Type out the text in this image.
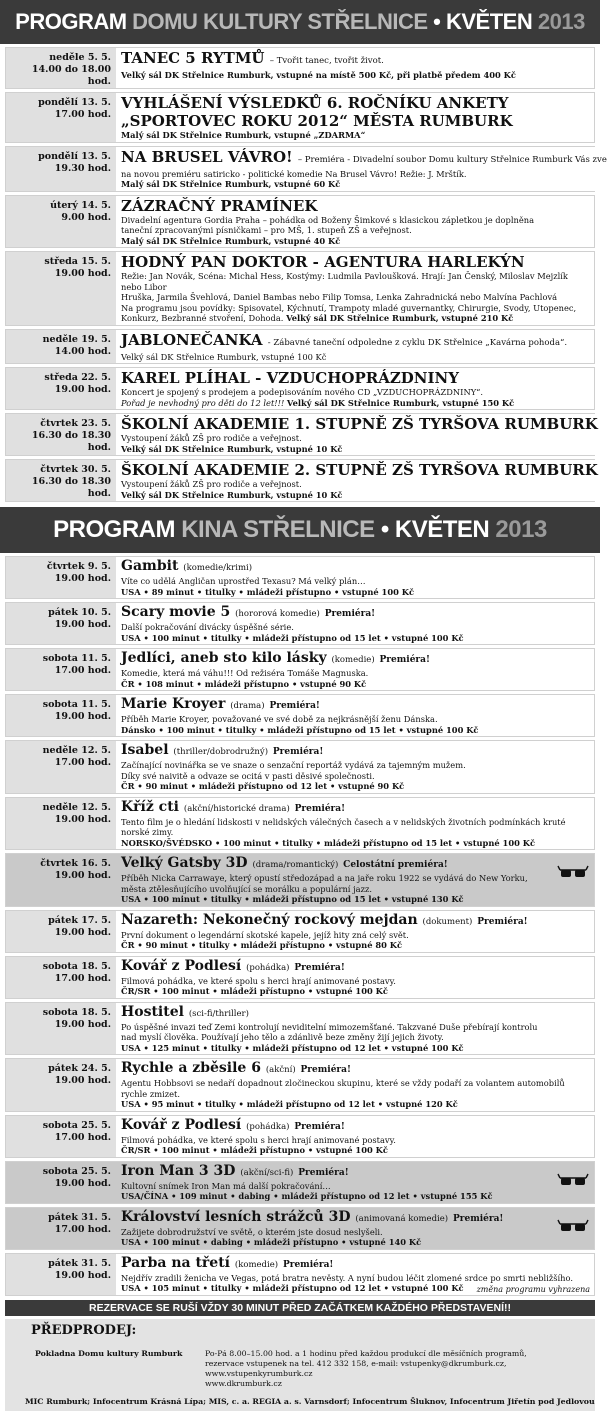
PROGRAM DOMU KULTURY STŘELNICE • KVĚTEN 2013
neděle 5. 5.
14.00 do 18.00 hod.
TANEC 5 RYTMŮ – Tvořit tanec, tvořit život.
Velký sál DK Střelnice Rumburk, vstupné na místě 500 Kč, při platbě předem 400 Kč
pondělí 13. 5.
17.00 hod.
VYHLÁŠENÍ VÝSLEDKŮ 6. ROČNÍKU ANKETY
„SPORTOVEC ROKU 2012“ MĚSTA RUMBURK
Malý sál DK Střelnice Rumburk, vstupné „ZDARMA“
pondělí 13. 5.
19.30 hod.
NA BRUSEL VÁVRO! – Premiéra - Divadelní soubor Domu kultury Střelnice Rumburk Vás zve
na novou premiéru satiricko - politické komedie Na Brusel Vávro! Režie: J. Mrštík.
Malý sál DK Střelnice Rumburk, vstupné 60 Kč
úterý 14. 5.
9.00 hod.
ZÁZRAČNÝ PRAMÍNEK
Divadelní agentura Gordia Praha – pohádka od Boženy Šimkové s klasickou zápletkou je doplněna
taneční zpracovanými písničkami – pro MŠ, 1. stupeň ZŠ a veřejnost.
Malý sál DK Střelnice Rumburk, vstupné 40 Kč
středa 15. 5.
19.00 hod.
HODNÝ PAN DOKTOR - AGENTURA HARLEKÝN
Režie: Jan Novák, Scéna: Michal Hess, Kostýmy: Ludmila Pavloušková. Hrají: Jan Čenský, Miloslav Mejzlík nebo Libor
Hruška, Jarmila Švehlová, Daniel Bambas nebo Filip Tomsa, Lenka Zahradnická nebo Malvína Pachlová
Na programu jsou povídky: Spisovatel, Kýchnutí, Trampoty mladé guvernantky, Chirurgie, Svody, Utopenec,
Konkurz, Bezbranné stvoření, Dohoda. Velký sál DK Střelnice Rumburk, vstupné 210 Kč
neděle 19. 5.
14.00 hod.
JABLONEČANKA - Zábavné taneční odpoledne z cyklu DK Střelnice „Kavárna pohoda“.
Velký sál DK Střelnice Rumburk, vstupné 100 Kč
středa 22. 5.
19.00 hod.
KAREL PLÍHAL - VZDUCHOPRÁZDNINY
Koncert je spojený s prodejem a podepisováním nového CD „VZDUCHOPRÁZDNINY“.
Pořad je nevhodný pro děti do 12 let!!! Velký sál DK Střelnice Rumburk, vstupné 150 Kč
čtvrtek 23. 5.
16.30 do 18.30 hod.
ŠKOLNÍ AKADEMIE 1. STUPNĚ ZŠ TYRŠOVA RUMBURK
Vystoupení žáků ZŠ pro rodiče a veřejnost.
Velký sál DK Střelnice Rumburk, vstupné 10 Kč
čtvrtek 30. 5.
16.30 do 18.30 hod.
ŠKOLNÍ AKADEMIE 2. STUPNĚ ZŠ TYRŠOVA RUMBURK
Vystoupení žáků ZŠ pro rodiče a veřejnost.
Velký sál DK Střelnice Rumburk, vstupné 10 Kč
PROGRAM KINA STŘELNICE • KVĚTEN 2013
čtvrtek 9. 5.
19.00 hod.
Gambit (komedie/krimi)
Víte co udělá Angličan uprostřed Texasu? Má velký plán…
USA • 89 minut • titulky • mládeži přístupno • vstupné 100 Kč
pátek 10. 5.
19.00 hod.
Scary movie 5 (hororová komedie) Premiéra!
Další pokračování divácky úspěšné série.
USA • 100 minut • titulky • mládeži přístupno od 15 let • vstupné 100 Kč
sobota 11. 5.
17.00 hod.
Jedlíci, aneb sto kilo lásky (komedie) Premiéra!
Komedie, která má váhu!!! Od režiséra Tomáše Magnuska.
ČR • 108 minut • mládeži přístupno • vstupné 90 Kč
sobota 11. 5.
19.00 hod.
Marie Kroyer (drama) Premiéra!
Příběh Marie Kroyer, považované ve své době za nejkrásnější ženu Dánska.
Dánsko • 100 minut • titulky • mládeži přístupno od 15 let • vstupné 100 Kč
neděle 12. 5.
17.00 hod.
Isabel (thriller/dobrodružný) Premiéra!
Začínající novinářka se ve snaze o senzační reportáž vydává za tajemným mužem.
Díky své naivitě a odvaze se ocitá v pasti děsivé společnosti.
ČR • 90 minut • mládeži přístupno od 12 let • vstupné 90 Kč
neděle 12. 5.
19.00 hod.
Kříž cti (akční/historické drama) Premiéra!
Tento film je o hledání lidskosti v nelidských válečných časech a v nelidských životních podmínkách kruté norské zimy.
NORSKO/ŠVÉDSKO • 100 minut • titulky • mládeži přístupno od 15 let • vstupné 100 Kč
čtvrtek 16. 5.
19.00 hod.
Velký Gatsby 3D (drama/romantický) Celostátní premiéra!
Příběh Nicka Carrawaye, který opustí středozápad a na jaře roku 1922 se vydává do New Yorku,
města ztělesňujícího uvolňující se morálku a populární jazz.
USA • 100 minut • titulky • mládeži přístupno od 15 let • vstupné 130 Kč
pátek 17. 5.
19.00 hod.
Nazareth: Nekonečný rockový mejdan (dokument) Premiéra!
První dokument o legendární skotské kapele, jejíž hity zná celý svět.
ČR • 90 minut • titulky • mládeži přístupno • vstupné 80 Kč
sobota 18. 5.
17.00 hod.
Kovář z Podlesí (pohádka) Premiéra!
Filmová pohádka, ve které spolu s herci hrají animované postavy.
ČR/SR • 100 minut • mládeži přístupno • vstupné 100 Kč
sobota 18. 5.
19.00 hod.
Hostitel (sci-fi/thriller)
Po úspěšné invazi teď Zemi kontrolují neviditelní mimozemšťané. Takzvané Duše přebírají kontrolu
nad myslí člověka. Používají jeho tělo a zdánlivě beze změny žijí jejich životy.
USA • 125 minut • titulky • mládeži přístupno od 12 let • vstupné 100 Kč
pátek 24. 5.
19.00 hod.
Rychle a zběsile 6 (akční) Premiéra!
Agentu Hobbsovi se nedaří dopadnout zločineckou skupinu, které se vždy podaří za volantem automobilů rychle zmizet.
USA • 95 minut • titulky • mládeži přístupno od 12 let • vstupné 120 Kč
sobota 25. 5.
17.00 hod.
Kovář z Podlesí (pohádka) Premiéra!
Filmová pohádka, ve které spolu s herci hrají animované postavy.
ČR/SR • 100 minut • mládeži přístupno • vstupné 100 Kč
sobota 25. 5.
19.00 hod.
Iron Man 3 3D (akční/sci-fi) Premiéra!
Kultovní snímek Iron Man má další pokračování…
USA/ČÍNA • 109 minut • dabing • mládeži přístupno od 12 let • vstupné 155 Kč
pátek 31. 5.
17.00 hod.
Království lesních strážců 3D (animovaná komedie) Premiéra!
Zažijete dobrodružství ve světě, o kterém jste dosud neslyšeli.
USA • 100 minut • dabing • mládeži přístupno • vstupné 140 Kč
pátek 31. 5.
19.00 hod.
Parba na třetí (komedie) Premiéra!
Nejdřív zradili ženicha ve Vegas, potá bratra nevěsty. A nyní budou léčit zlomené srdce po smrti nebližšího.
USA • 105 minut • titulky • mládeži přístupno od 12 let • vstupné 100 Kč	změna programu vyhrazena
REZERVACE SE RUŠÍ VŽDY 30 MINUT PŘED ZAČÁTKEM KAŽDÉHO PŘEDSTAVENÍ!!
PŘEDPRODEJ:
Pokladna Domu kultury Rumburk	Po-Pá 8.00–15.00 hod. a 1 hodinu před každou produkcí dle měsíčních programů,
rezervace vstupenek na tel. 412 332 158, e-mail: vstupenky@dkrumburk.cz, www.vstupenkyrumburk.cz
www.dkrumburk.cz
MIC Rumburk; Infocentrum Krásná Lípa; MIS, c. a. REGIA a. s. Varnsdorf; Infocentrum Šluknov, Infocentrum Jiřetín pod Jedlovou
